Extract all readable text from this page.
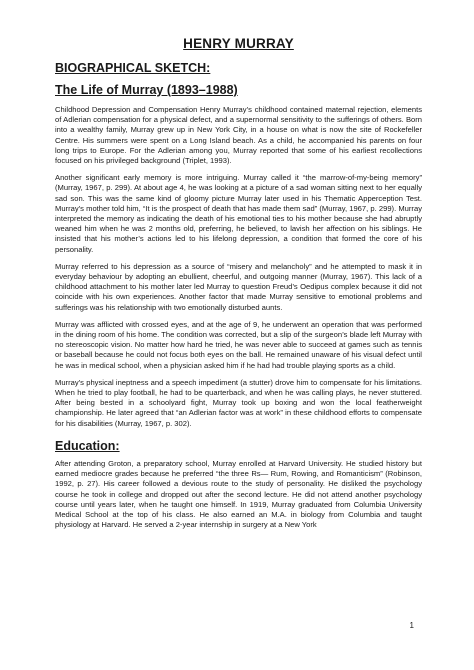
HENRY MURRAY
BIOGRAPHICAL SKETCH:
The Life of Murray (1893–1988)

Childhood Depression and Compensation Henry Murray’s childhood contained maternal rejection, elements of Adlerian compensation for a physical defect, and a supernormal sensitivity to the sufferings of others. Born into a wealthy family, Murray grew up in New York City, in a house on what is now the site of Rockefeller Centre. His summers were spent on a Long Island beach. As a child, he accompanied his parents on four long trips to Europe. For the Adlerian among you, Murray reported that some of his earliest recollections focused on his privileged background (Triplet, 1993).

Another significant early memory is more intriguing. Murray called it “the marrow-of-my-being memory” (Murray, 1967, p. 299). At about age 4, he was looking at a picture of a sad woman sitting next to her equally sad son. This was the same kind of gloomy picture Murray later used in his Thematic Apperception Test. Murray’s mother told him, “It is the prospect of death that has made them sad” (Murray, 1967, p. 299). Murray interpreted the memory as indicating the death of his emotional ties to his mother because she had abruptly weaned him when he was 2 months old, preferring, he believed, to lavish her affection on his siblings. He insisted that his mother’s actions led to his lifelong depression, a condition that formed the core of his personality.

Murray referred to his depression as a source of “misery and melancholy” and he attempted to mask it in everyday behaviour by adopting an ebullient, cheerful, and outgoing manner (Murray, 1967). This lack of a childhood attachment to his mother later led Murray to question Freud’s Oedipus complex because it did not coincide with his own experiences. Another factor that made Murray sensitive to emotional problems and sufferings was his relationship with two emotionally disturbed aunts.

Murray was afflicted with crossed eyes, and at the age of 9, he underwent an operation that was performed in the dining room of his home. The condition was corrected, but a slip of the surgeon’s blade left Murray with no stereoscopic vision. No matter how hard he tried, he was never able to succeed at games such as tennis or baseball because he could not focus both eyes on the ball. He remained unaware of his visual defect until he was in medical school, when a physician asked him if he had had trouble playing sports as a child.

Murray’s physical ineptness and a speech impediment (a stutter) drove him to compensate for his limitations. When he tried to play football, he had to be quarterback, and when he was calling plays, he never stuttered. After being bested in a schoolyard fight, Murray took up boxing and won the local featherweight championship. He later agreed that “an Adlerian factor was at work” in these childhood efforts to compensate for his disabilities (Murray, 1967, p. 302).

Education:

After attending Groton, a preparatory school, Murray enrolled at Harvard University. He studied history but earned mediocre grades because he preferred “the three Rs— Rum, Rowing, and Romanticism” (Robinson, 1992, p. 27). His career followed a devious route to the study of personality. He disliked the psychology course he took in college and dropped out after the second lecture. He did not attend another psychology course until years later, when he taught one himself. In 1919, Murray graduated from Columbia University Medical School at the top of his class. He also earned an M.A. in biology from Columbia and taught physiology at Harvard. He served a 2-year internship in surgery at a New York

1
